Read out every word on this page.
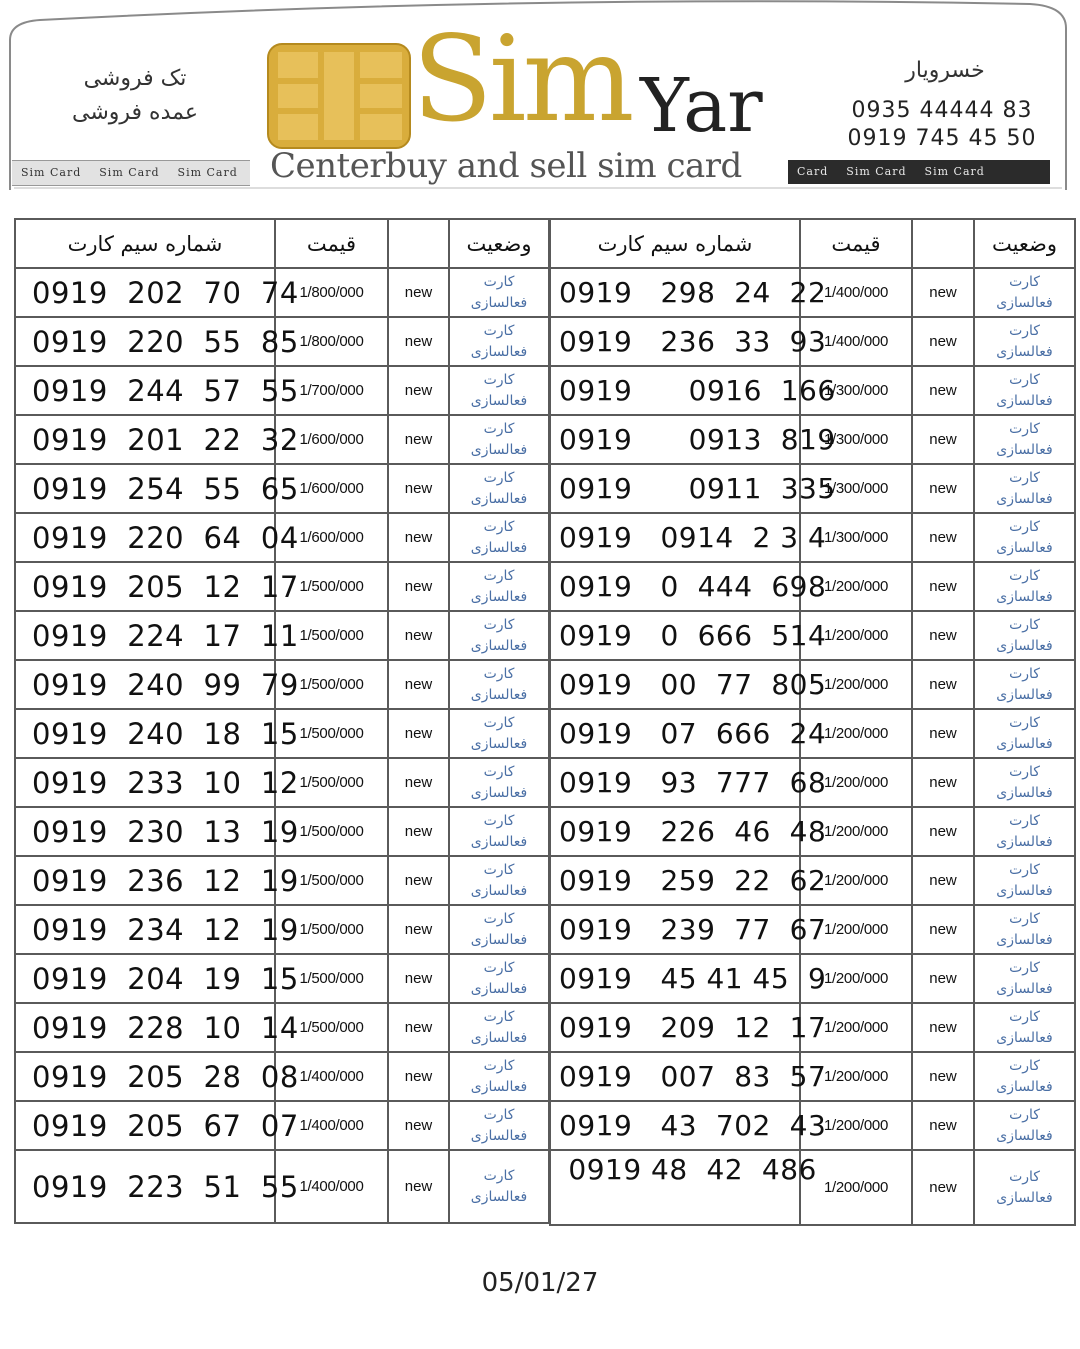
تک فروشی
عمده فروشی
Sim Card Sim Card Sim Card
Sim Yar
Centerbuy and sell sim card
خسرویار
0935 44444 83
0919 745 45 50
Card Sim Card Sim Card
شماره سیم کارت	قیمت		وضعیت
0919  202  70  74	1/800/000	new	کارت
فعالسازی

0919  220  55  85	1/800/000	new	کارت
فعالسازی

0919  244  57  55	1/700/000	new	کارت
فعالسازی

0919  201  22  32	1/600/000	new	کارت
فعالسازی

0919  254  55  65	1/600/000	new	کارت
فعالسازی

0919  220  64  04	1/600/000	new	کارت
فعالسازی

0919  205  12  17	1/500/000	new	کارت
فعالسازی

0919  224  17  11	1/500/000	new	کارت
فعالسازی

0919  240  99  79	1/500/000	new	کارت
فعالسازی

0919  240  18  15	1/500/000	new	کارت
فعالسازی

0919  233  10  12	1/500/000	new	کارت
فعالسازی

0919  230  13  19	1/500/000	new	کارت
فعالسازی

0919  236  12  19	1/500/000	new	کارت
فعالسازی

0919  234  12  19	1/500/000	new	کارت
فعالسازی

0919  204  19  15	1/500/000	new	کارت
فعالسازی

0919  228  10  14	1/500/000	new	کارت
فعالسازی

0919  205  28  08	1/400/000	new	کارت
فعالسازی

0919  205  67  07	1/400/000	new	کارت
فعالسازی

0919  223  51  55	1/400/000	new	کارت
فعالسازی
شماره سیم کارت	قیمت		وضعیت
0919   298  24  22	1/400/000	new	کارت
فعالسازی

0919   236  33  93	1/400/000	new	کارت
فعالسازی

0919      0916  166	1/300/000	new	کارت
فعالسازی

0919      0913  819	1/300/000	new	کارت
فعالسازی

0919      0911  335	1/300/000	new	کارت
فعالسازی

0919   0914  2 3 4	1/300/000	new	کارت
فعالسازی

0919   0  444  698	1/200/000	new	کارت
فعالسازی

0919   0  666  514	1/200/000	new	کارت
فعالسازی

0919   00  77  805	1/200/000	new	کارت
فعالسازی

0919   07  666  24	1/200/000	new	کارت
فعالسازی

0919   93  777  68	1/200/000	new	کارت
فعالسازی

0919   226  46  48	1/200/000	new	کارت
فعالسازی

0919   259  22  62	1/200/000	new	کارت
فعالسازی

0919   239  77  67	1/200/000	new	کارت
فعالسازی

0919   45 41 45  9	1/200/000	new	کارت
فعالسازی

0919   209  12  17	1/200/000	new	کارت
فعالسازی

0919   007  83  57	1/200/000	new	کارت
فعالسازی

0919   43  702  43	1/200/000	new	کارت
فعالسازی

0919 48  42  486	1/200/000	new	کارت
فعالسازی
05/01/27
